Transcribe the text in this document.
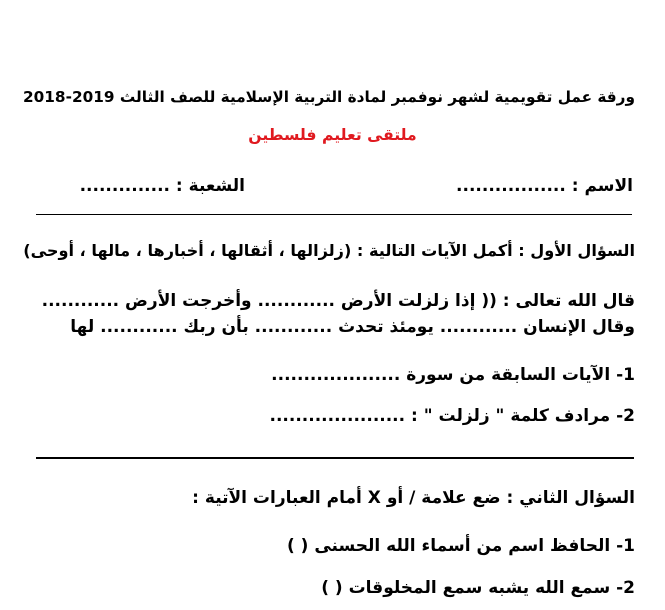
ورقة عمل تقويمية لشهر نوفمبر لمادة التربية الإسلامية للصف الثالث 2019-2018
ملتقى تعليم فلسطين
الاسم : .................
الشعبة : ..............
السؤال الأول : أكمل الآيات التالية : (زلزالها ، أثقالها ، أخبارها ، مالها ، أوحى)
قال الله تعالى : (( إذا زلزلت الأرض ............ وأخرجت الأرض ............
وقال الإنسان ............ يومئذ تحدث ............ بأن ربك ............ لها
1- الآيات السابقة من سورة ....................
2- مرادف كلمة " زلزلت " : .....................
السؤال الثاني : ضع علامة / أو X أمام العبارات الآتية :
1- الحافظ اسم من أسماء الله الحسنى ( )
2- سمع الله يشبه سمع المخلوقات ( )
